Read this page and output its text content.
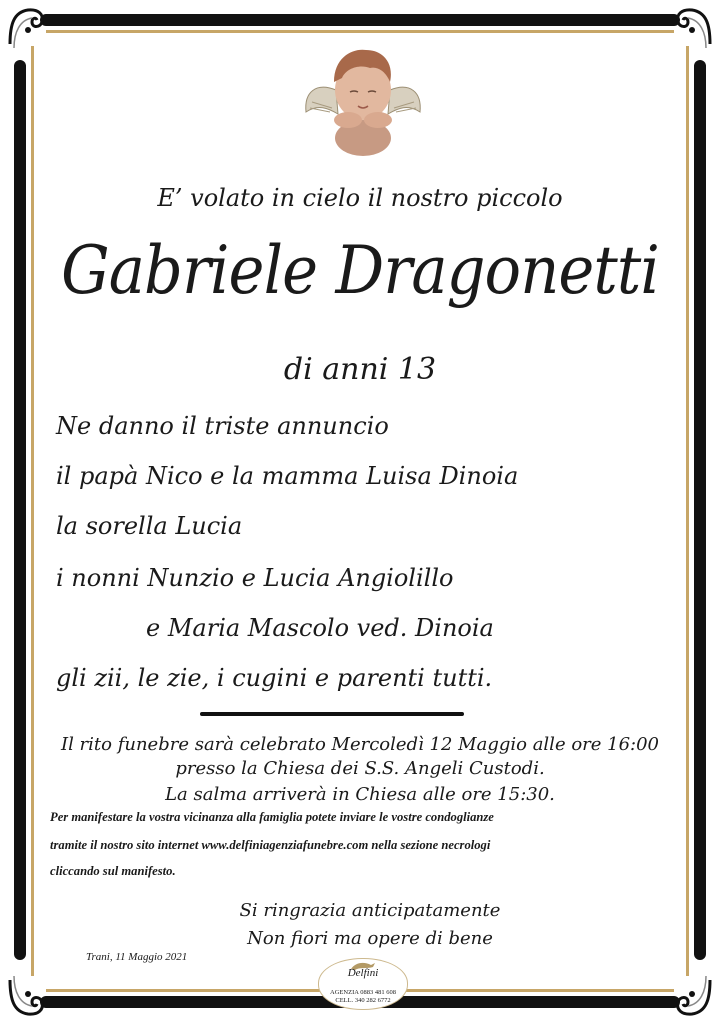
E’ volato in cielo il nostro piccolo
Gabriele Dragonetti
di anni 13
Ne danno il triste annuncio
il papà Nico e la mamma Luisa Dinoia
la sorella Lucia
i nonni Nunzio e Lucia Angiolillo
e Maria Mascolo ved. Dinoia
gli zii, le zie, i cugini e parenti tutti.
Il rito funebre sarà celebrato Mercoledì 12 Maggio alle ore 16:00
presso la Chiesa dei S.S. Angeli Custodi.
La salma arriverà in Chiesa alle ore 15:30.
Per manifestare la vostra vicinanza alla famiglia potete inviare le vostre condoglianze
tramite il nostro sito internet www.delfiniagenziafunebre.com nella sezione necrologi
cliccando sul manifesto.
Si ringrazia anticipatamente
Non fiori ma opere di bene
Trani, 11 Maggio 2021
Delfini
AGENZIA 0883 481 608
CELL. 340 282 6772
